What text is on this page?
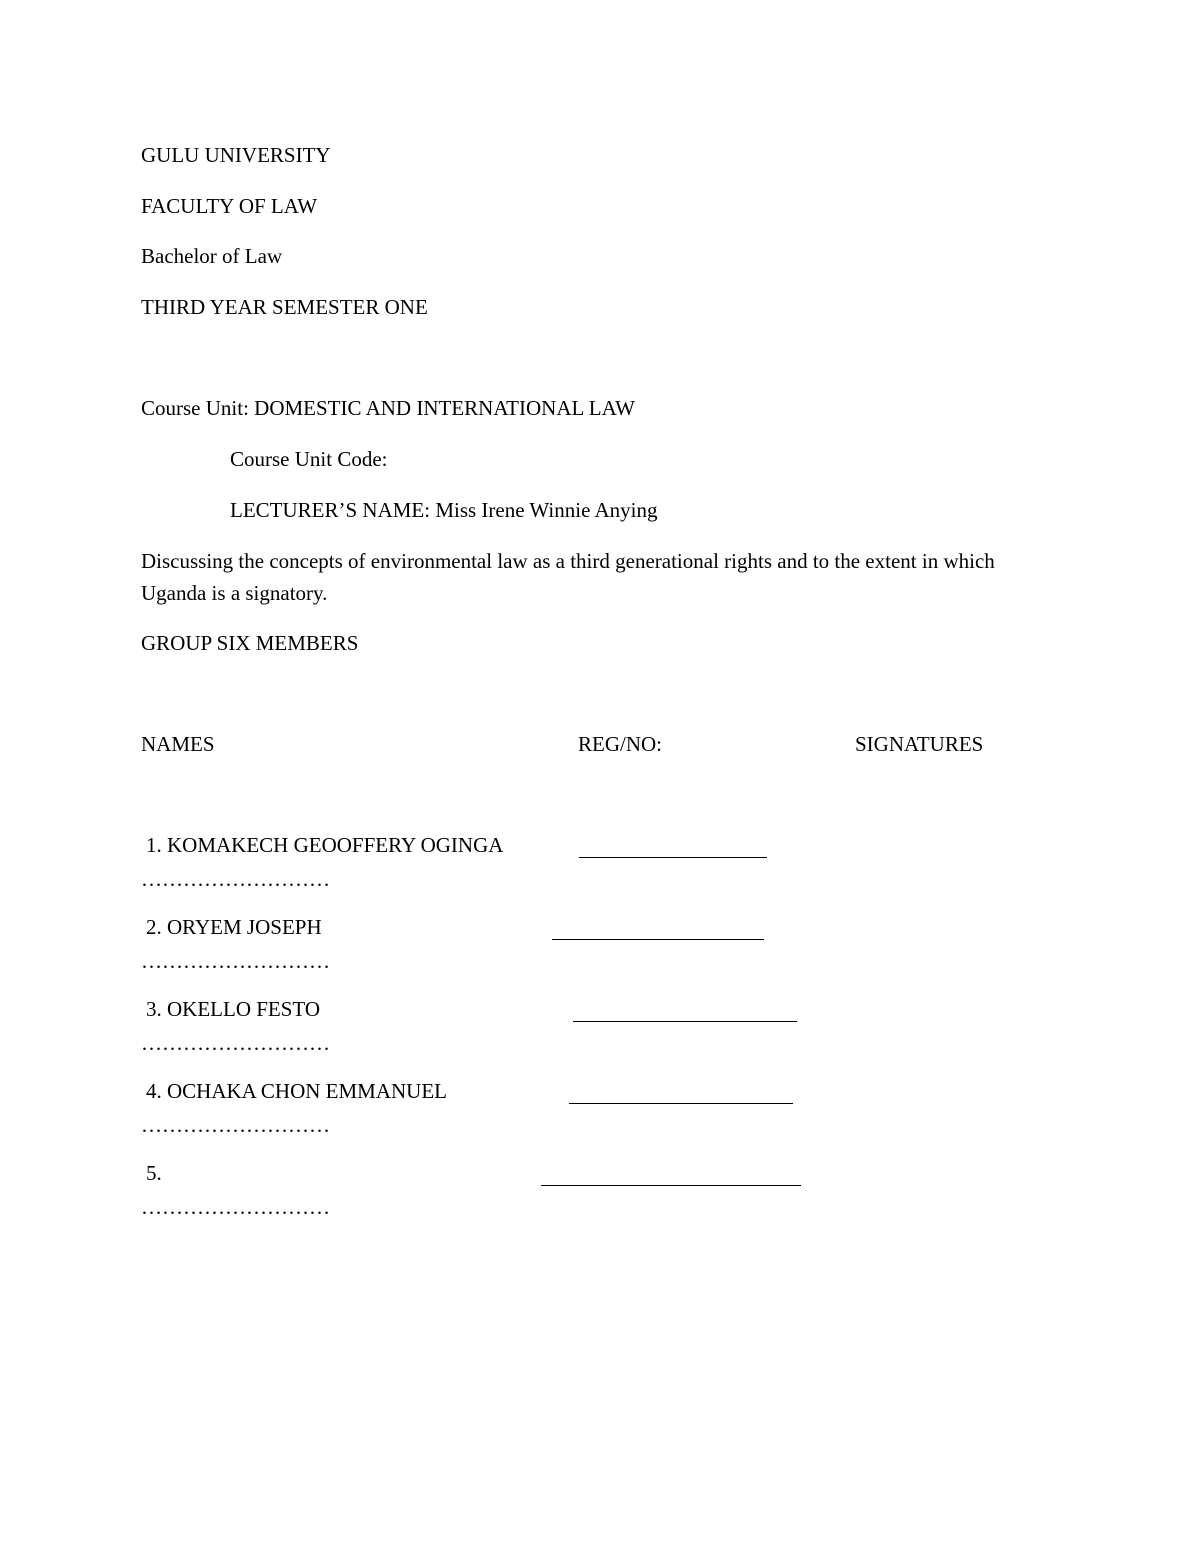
GULU UNIVERSITY
FACULTY OF LAW
Bachelor of Law
THIRD YEAR SEMESTER ONE
Course Unit: DOMESTIC AND INTERNATIONAL LAW
Course Unit Code:
LECTURER’S NAME: Miss Irene Winnie Anying
Discussing the concepts of environmental law as a third generational rights and to the extent in which Uganda is a signatory.
GROUP SIX MEMBERS
NAMES	REG/NO:	SIGNATURES
1. KOMAKECH GEOOFFERY OGINGA
………………………
2. ORYEM JOSEPH
………………………
3. OKELLO FESTO
………………………
4. OCHAKA CHON EMMANUEL
………………………
5.
………………………
